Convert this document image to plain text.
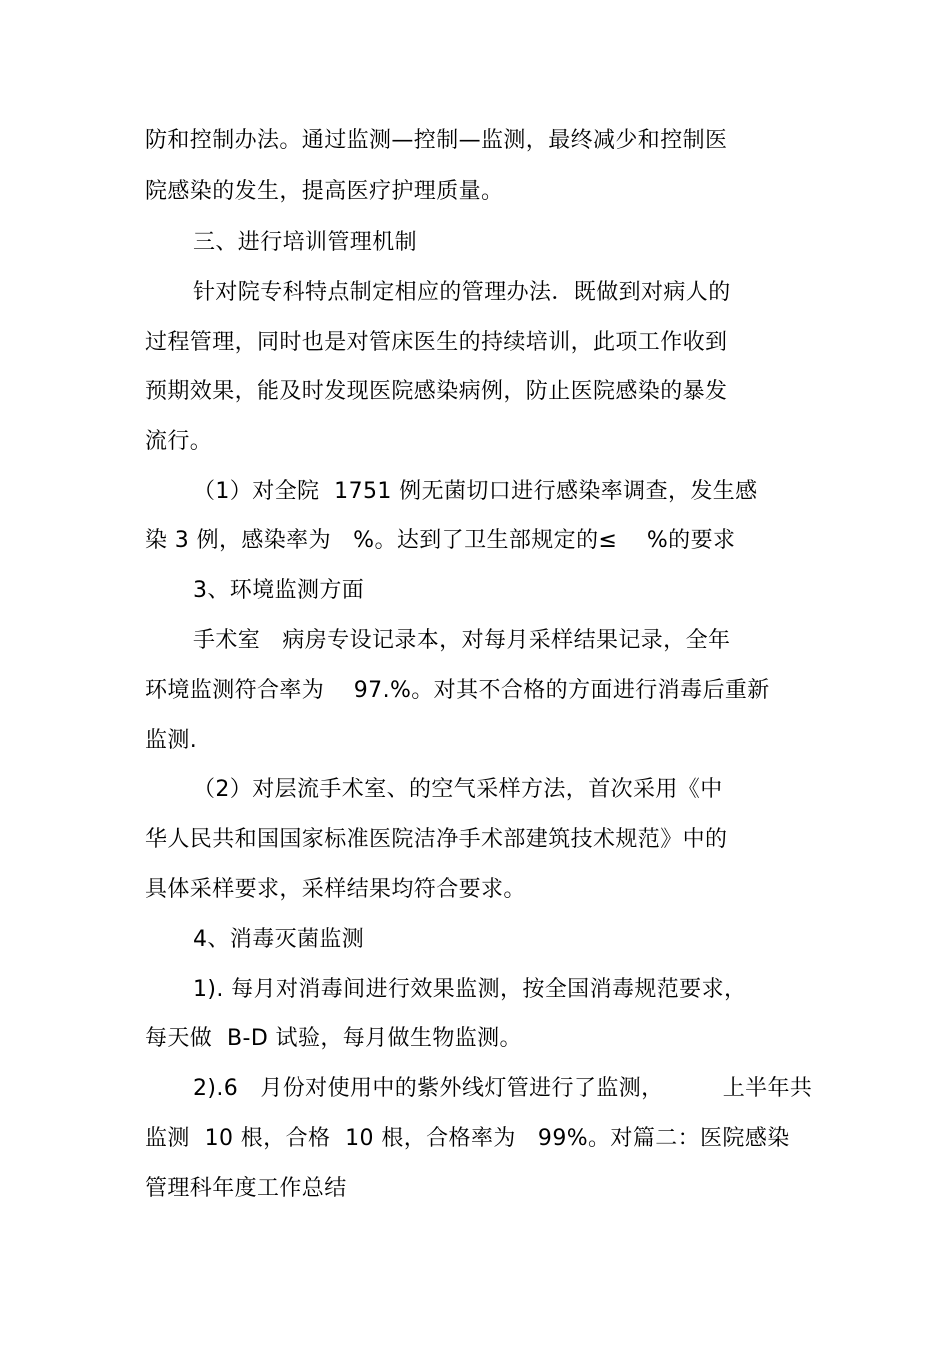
防和控制办法。通过监测—控制—监测，最终减少和控制医
院感染的发生，提高医疗护理质量。
三、进行培训管理机制
针对院专科特点制定相应的管理办法．既做到对病人的
过程管理，同时也是对管床医生的持续培训，此项工作收到
预期效果，能及时发现医院感染病例，防止医院感染的暴发
流行。
（1）对全院  1751 例无菌切口进行感染率调查，发生感
染 3 例，感染率为   %。达到了卫生部规定的≤    %的要求
3、环境监测方面
手术室   病房专设记录本，对每月采样结果记录，全年
环境监测符合率为    97.%。对其不合格的方面进行消毒后重新
监测.
（2）对层流手术室、的空气采样方法，首次采用《中
华人民共和国国家标准医院洁净手术部建筑技术规范》中的
具体采样要求，采样结果均符合要求。
4、消毒灭菌监测
1). 每月对消毒间进行效果监测，按全国消毒规范要求，
每天做  B-D 试验，每月做生物监测。
2).6   月份对使用中的紫外线灯管进行了监测，        上半年共
监测  10 根，合格  10 根，合格率为   99%。对篇二：医院感染
管理科年度工作总结
